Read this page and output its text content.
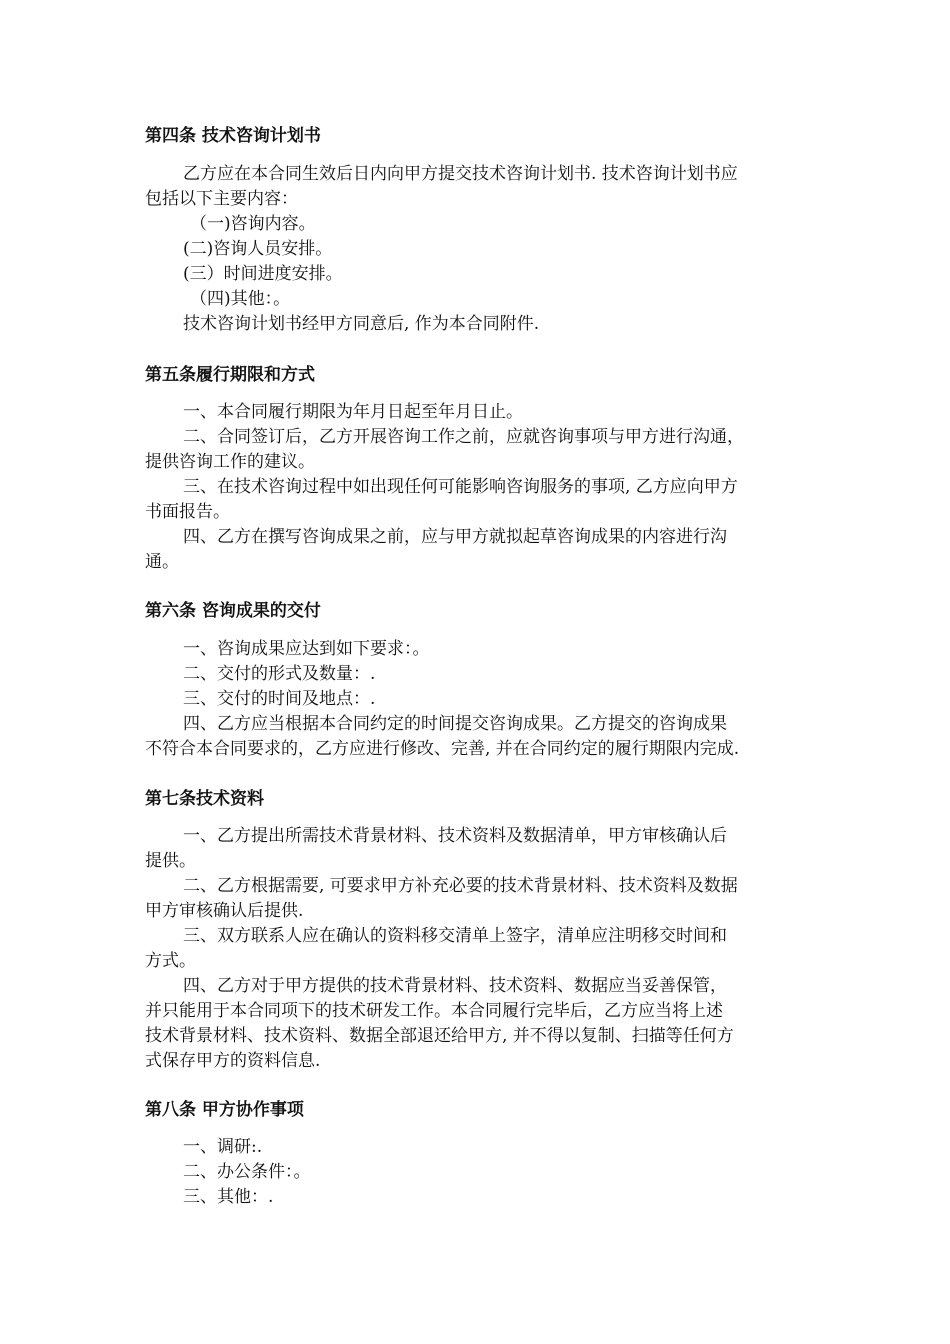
第四条 技术咨询计划书
乙方应在本合同生效后日内向甲方提交技术咨询计划书. 技术咨询计划书应
包括以下主要内容：
（一)咨询内容。
(二)咨询人员安排。
(三）时间进度安排。
（四)其他：。
技术咨询计划书经甲方同意后, 作为本合同附件.
第五条履行期限和方式
一、本合同履行期限为年月日起至年月日止。
二、合同签订后，乙方开展咨询工作之前，应就咨询事项与甲方进行沟通，
提供咨询工作的建议。
三、在技术咨询过程中如出现任何可能影响咨询服务的事项, 乙方应向甲方
书面报告。
四、乙方在撰写咨询成果之前，应与甲方就拟起草咨询成果的内容进行沟
通。
第六条 咨询成果的交付
一、咨询成果应达到如下要求：。
二、交付的形式及数量：.
三、交付的时间及地点：.
四、乙方应当根据本合同约定的时间提交咨询成果。乙方提交的咨询成果
不符合本合同要求的，乙方应进行修改、完善, 并在合同约定的履行期限内完成.
第七条技术资料
一、乙方提出所需技术背景材料、技术资料及数据清单，甲方审核确认后
提供。
二、乙方根据需要, 可要求甲方补充必要的技术背景材料、技术资料及数据
甲方审核确认后提供.
三、双方联系人应在确认的资料移交清单上签字，清单应注明移交时间和
方式。
四、乙方对于甲方提供的技术背景材料、技术资料、数据应当妥善保管，
并只能用于本合同项下的技术研发工作。本合同履行完毕后，乙方应当将上述
技术背景材料、技术资料、数据全部退还给甲方, 并不得以复制、扫描等任何方
式保存甲方的资料信息.
第八条 甲方协作事项
一、调研:.
二、办公条件：。
三、其他：.
